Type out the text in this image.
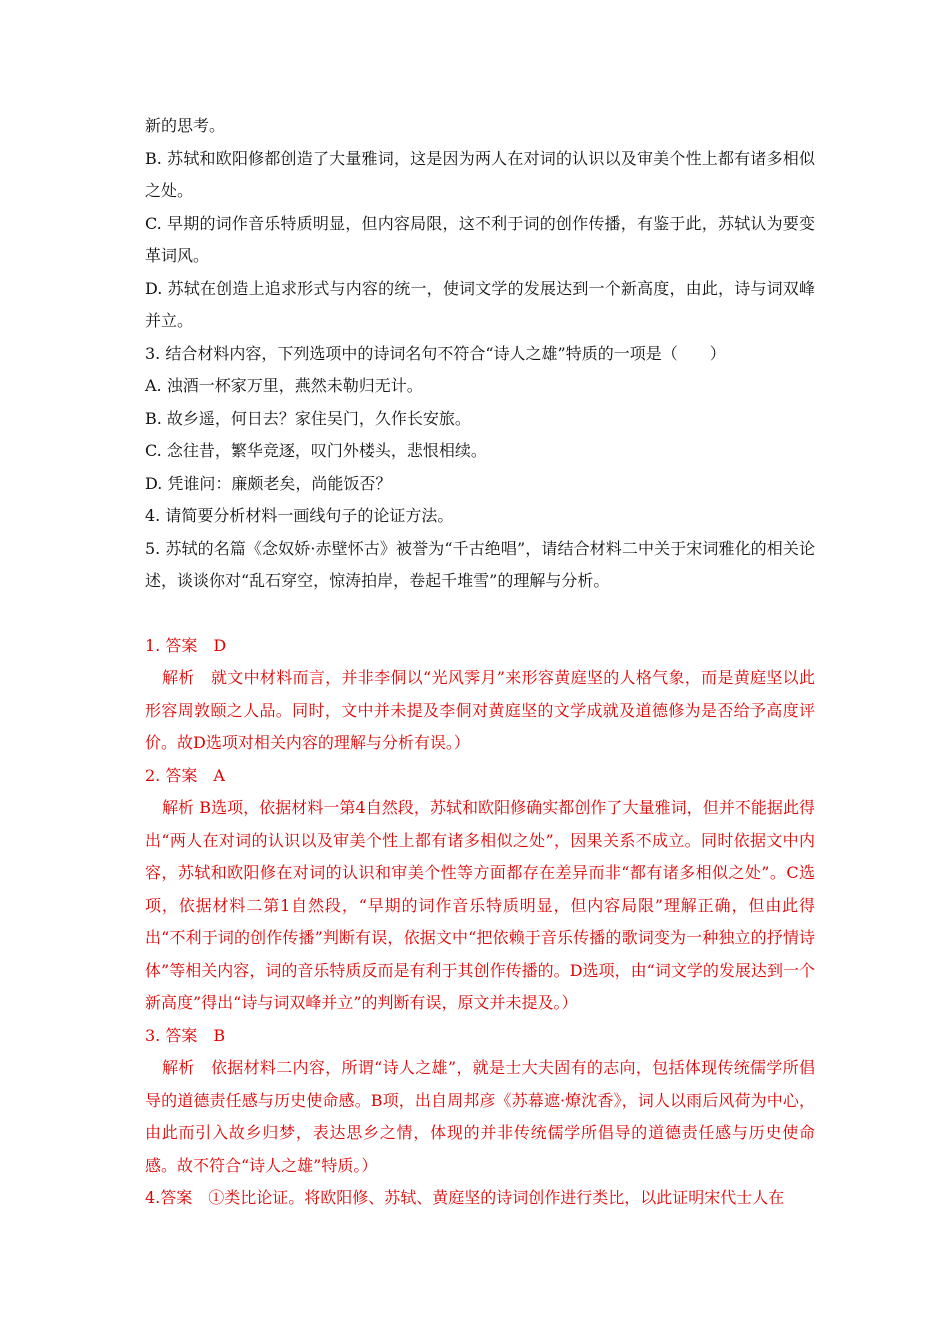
新的思考。

B. 苏轼和欧阳修都创造了大量雅词，这是因为两人在对词的认识以及审美个性上都有诸多相似之处。

C. 早期的词作音乐特质明显，但内容局限，这不利于词的创作传播，有鉴于此，苏轼认为要变革词风。

D. 苏轼在创造上追求形式与内容的统一，使词文学的发展达到一个新高度，由此，诗与词双峰并立。

3. 结合材料内容，下列选项中的诗词名句不符合“诗人之雄”特质的一项是（　　）

A. 浊酒一杯家万里，燕然未勒归无计。

B. 故乡遥，何日去？家住吴门，久作长安旅。

C. 念往昔，繁华竞逐，叹门外楼头，悲恨相续。

D. 凭谁问：廉颇老矣，尚能饭否？

4. 请简要分析材料一画线句子的论证方法。

5. 苏轼的名篇《念奴娇·赤壁怀古》被誉为“千古绝唱”，请结合材料二中关于宋词雅化的相关论述，谈谈你对“乱石穿空，惊涛拍岸，卷起千堆雪”的理解与分析。

1. 答案　D

解析　就文中材料而言，并非李侗以“光风霁月”来形容黄庭坚的人格气象，而是黄庭坚以此形容周敦颐之人品。同时，文中并未提及李侗对黄庭坚的文学成就及道德修为是否给予高度评价。故D选项对相关内容的理解与分析有误。）

2. 答案　A

解析 B选项，依据材料一第4自然段，苏轼和欧阳修确实都创作了大量雅词，但并不能据此得出“两人在对词的认识以及审美个性上都有诸多相似之处”，因果关系不成立。同时依据文中内容，苏轼和欧阳修在对词的认识和审美个性等方面都存在差异而非“都有诸多相似之处”。C选项，依据材料二第1自然段，“早期的词作音乐特质明显，但内容局限”理解正确，但由此得出“不利于词的创作传播”判断有误，依据文中“把依赖于音乐传播的歌词变为一种独立的抒情诗体”等相关内容，词的音乐特质反而是有利于其创作传播的。D选项，由“词文学的发展达到一个新高度”得出“诗与词双峰并立”的判断有误，原文并未提及。）

3. 答案　B

解析　依据材料二内容，所谓“诗人之雄”，就是士大夫固有的志向，包括体现传统儒学所倡导的道德责任感与历史使命感。B项，出自周邦彦《苏幕遮·燎沈香》，词人以雨后风荷为中心，由此而引入故乡归梦，表达思乡之情，体现的并非传统儒学所倡导的道德责任感与历史使命感。故不符合“诗人之雄”特质。）

4.答案　①类比论证。将欧阳修、苏轼、黄庭坚的诗词创作进行类比，以此证明宋代士人在
